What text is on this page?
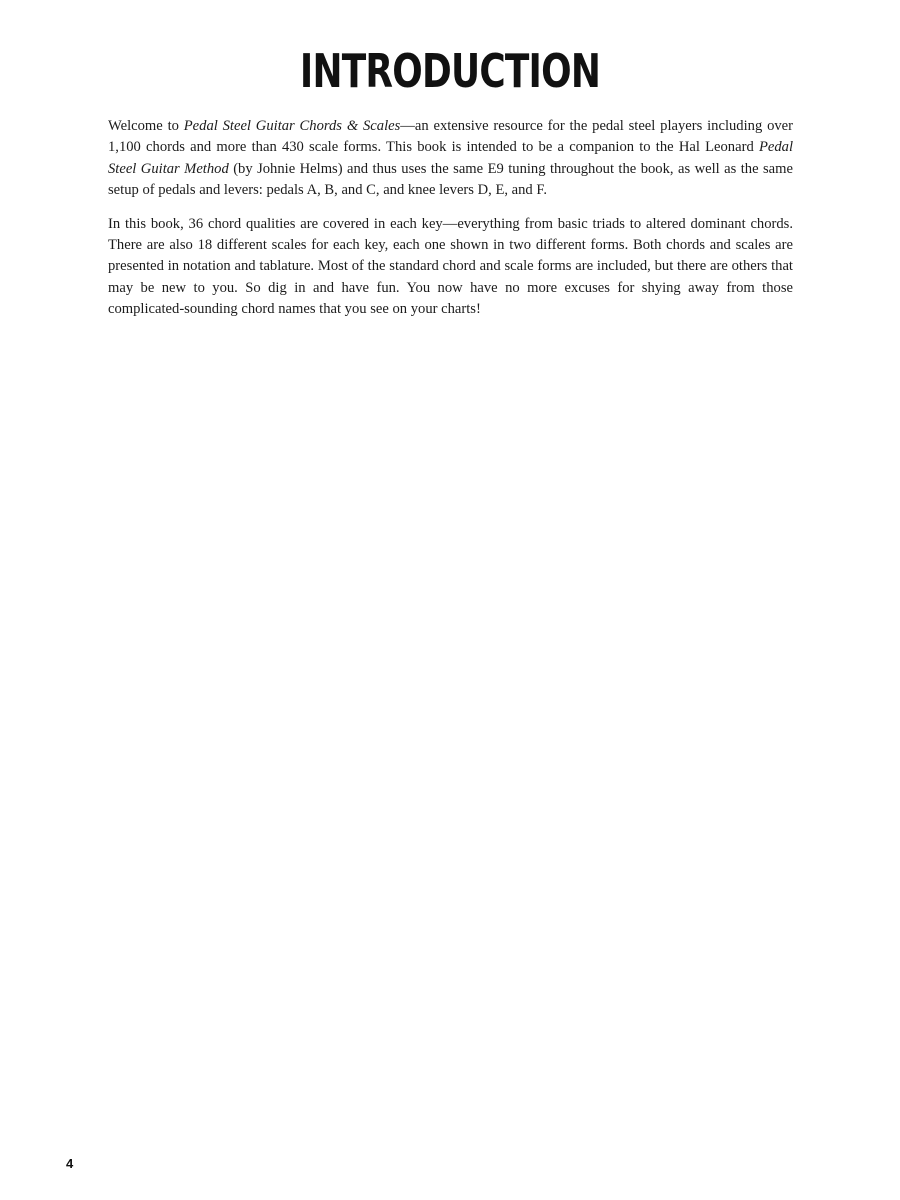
INTRODUCTION

Welcome to Pedal Steel Guitar Chords & Scales—an extensive resource for the pedal steel players including over 1,100 chords and more than 430 scale forms. This book is intended to be a companion to the Hal Leonard Pedal Steel Guitar Method (by Johnie Helms) and thus uses the same E9 tuning throughout the book, as well as the same setup of pedals and levers: pedals A, B, and C, and knee levers D, E, and F.

In this book, 36 chord qualities are covered in each key—everything from basic triads to altered dominant chords. There are also 18 different scales for each key, each one shown in two different forms. Both chords and scales are presented in notation and tablature. Most of the standard chord and scale forms are included, but there are others that may be new to you. So dig in and have fun. You now have no more excuses for shying away from those complicated-sounding chord names that you see on your charts!

4
